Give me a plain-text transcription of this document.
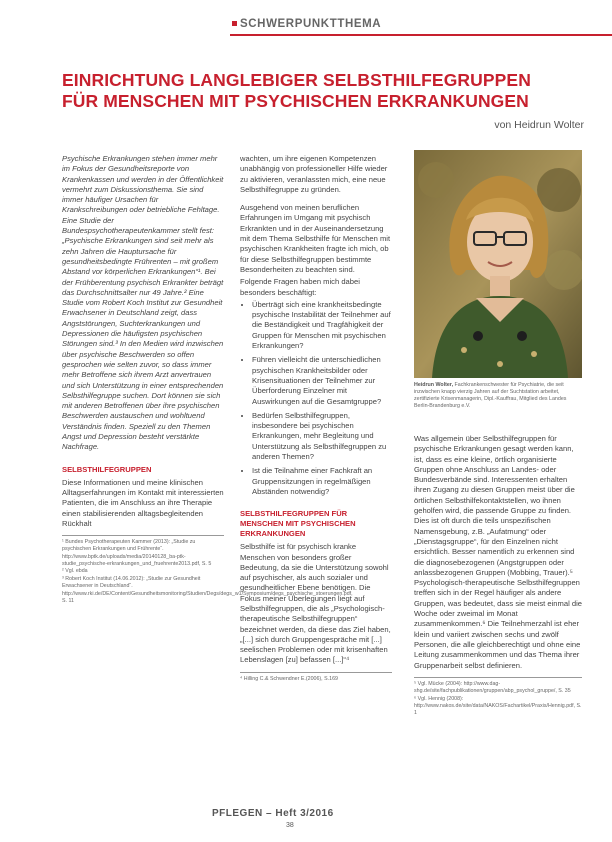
SCHWERPUNKTTHEMA
EINRICHTUNG LANGLEBIGER SELBSTHILFEGRUPPEN
FÜR MENSCHEN MIT PSYCHISCHEN ERKRANKUNGEN
von Heidrun Wolter

Psychische Erkrankungen stehen immer mehr im Fokus der Gesundheitsreporte von Krankenkassen und werden in der Öffentlichkeit vermehrt zum Diskussionsthema. Sie sind immer häufiger Ursachen für Krankschreibungen oder betriebliche Fehltage. Eine Studie der Bundespsychotherapeutenkammer stellt fest: „Psychische Erkrankungen sind seit mehr als zehn Jahren die Hauptursache für gesundheitsbedingte Frührenten – mit großem Abstand vor körperlichen Erkrankungen“¹. Bei der Frühberentung psychisch Erkrankter beträgt das Durchschnittsalter nur 49 Jahre.² Eine Studie vom Robert Koch Institut zur Gesundheit Erwachsener in Deutschland zeigt, dass Angststörungen, Suchterkrankungen und Depressionen die häufigsten psychischen Störungen sind.³ In den Medien wird inzwischen über psychische Beschwerden so offen gesprochen wie selten zuvor, so dass immer mehr Betroffene sich ihrem Arzt anvertrauen und sich Unterstützung in einer entsprechenden Selbsthilfegruppe suchen. Dort können sie sich mit anderen Betroffenen über ihre psychischen Beschwerden austauschen und wohltuend Verständnis finden. Speziell zu den Themen Angst und Depression besteht verstärkte Nachfrage.

SELBSTHILFEGRUPPEN

Diese Informationen und meine klinischen Alltagserfahrungen im Kontakt mit interessierten Patienten, die im Anschluss an ihre Therapie einen stabilisierenden alltagsbegleitenden Rückhalt

¹ Bundes Psychotherapeuten Kammer (2013): „Studie zu psychischen Erkrankungen und Frührente“. http://www.bptk.de/uploads/media/20140128_ba-ptk-studie_psychische-erkrankungen_und_fruehrente2013.pdf, S. 5
² Vgl. ebda
³ Robert Koch Institut (14.06.2012): „Studie zur Gesundheit Erwachsener in Deutschland“. http://www.rki.de/DE/Content/Gesundheitsmonitoring/Studien/Degs/degs_w1/Symposium/degs_psychische_stoerungen.pdf, S. 11

wachten, um ihre eigenen Kompetenzen unabhängig von professioneller Hilfe wieder zu aktivieren, veranlassten mich, eine neue Selbsthilfegruppe zu gründen.

Ausgehend von meinen beruflichen Erfahrungen im Umgang mit psychisch Erkrankten und in der Auseinandersetzung mit dem Thema Selbsthilfe für Menschen mit psychischen Krankheiten fragte ich mich, ob für diese Selbsthilfegruppen bestimmte Besonderheiten zu beachten sind.

Folgende Fragen haben mich dabei besonders beschäftigt:

• Überträgt sich eine krankheitsbedingte psychische Instabilität der Teilnehmer auf die Beständigkeit und Tragfähigkeit der Gruppen für Menschen mit psychischen Erkrankungen?
• Führen vielleicht die unterschiedlichen psychischen Krankheitsbilder oder Krisensituationen der Teilnehmer zur Überforderung Einzelner mit Auswirkungen auf die Gesamtgruppe?
• Bedürfen Selbsthilfegruppen, insbesondere bei psychischen Erkrankungen, mehr Begleitung und Unterstützung als Selbsthilfegruppen zu anderen Themen?
• Ist die Teilnahme einer Fachkraft an Gruppensitzungen in regelmäßigen Abständen notwendig?
SELBSTHILFEGRUPPEN FÜR MENSCHEN MIT PSYCHISCHEN ERKRANKUNGEN

Selbsthilfe ist für psychisch kranke Menschen von besonders großer Bedeutung, da sie die Unterstützung sowohl auf psychischer, als auch sozialer und gesundheitlicher Ebene benötigen. Die Fokus meiner Überlegungen liegt auf Selbsthilfegruppen, die als „Psychologisch-therapeutische Selbsthilfegruppen“ bezeichnet werden, da diese das Ziel haben, „[...] sich durch Gruppengespräche mit [...] seelischen Problemen oder mit krisenhaften Lebenslagen [zu] befassen [...]“⁴

⁴ Hilling C.& Schwendner E.(2006), S.169
Heidrun Wolter, Fachkrankenschwester für Psychiatrie, die seit inzwischen knapp vierzig Jahren auf der Suchtstation arbeitet, zertifizierte Krisenmanagerin, Dipl.-Kauffrau, Mitglied des Landes Berlin-Brandenburg e.V.

Was allgemein über Selbsthilfegruppen für psychische Erkrankungen gesagt werden kann, ist, dass es eine kleine, örtlich organisierte Gruppen ohne Anschluss an Landes- oder Bundesverbände sind. Interessenten erhalten ihren Zugang zu diesen Gruppen meist über die örtlichen Selbsthilfekontaktstellen, wo ihnen geholfen wird, die passende Gruppe zu finden. Dies ist oft durch die teils unspezifischen Namensgebung, z.B. „Aufatmung“ oder „Dienstagsgruppe“, für den Einzelnen nicht ersichtlich. Besser namentlich zu erkennen sind die diagnosebezogenen (Angstgruppen oder anlassbezogenen Gruppen (Mobbing, Trauer).⁵ Psychologisch-therapeutische Selbsthilfegruppen treffen sich in der Regel häufiger als andere Gruppen, was bedeutet, dass sie meist einmal die Woche oder zweimal im Monat zusammenkommen.⁶ Die Teilnehmerzahl ist eher klein und variiert zwischen sechs und zwölf Personen, die alle gleichberechtigt und ohne eine Leitung zusammenkommen und das Thema ihrer Gruppenarbeit selbst definieren.

⁵ Vgl. Mücke (2004): http://www.dag-shg.de/site/fachpublikationen/gruppen/abp_psychol_gruppe/, S. 35
⁶ Vgl. Hennig (2008): http://www.nakos.de/site/data/NAKOS/Fachartikel/Praxis/Hennig.pdf, S. 1
PFLEGEN – Heft 3/2016
38
